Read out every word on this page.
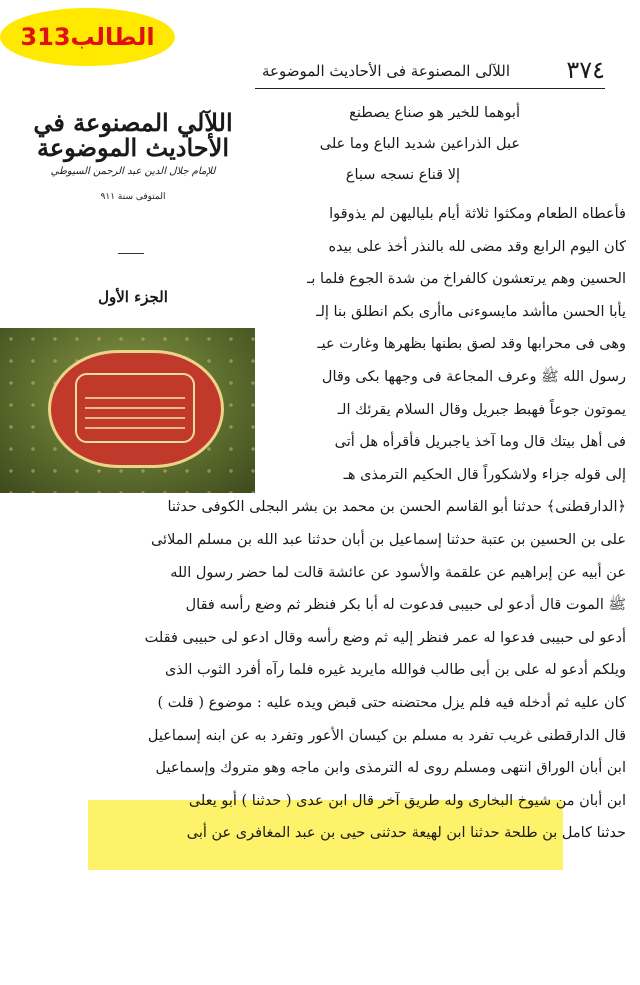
الطالب313
٣٧٤
اللآلى المصنوعة فى الأحاديث الموضوعة
اللآلي المصنوعة في الأحاديث الموضوعة
للإمام جلال الدين عبد الرحمن السيوطي
المتوفى سنة ٩١١
الجزء الأول
أبوهما للخير هو صناع يصطنع
عبل الذراعين شديد الباع وما على
إلا قناع نسجه سباع
فأعطاه الطعام ومكثوا ثلاثة أيام بلياليهن لم يذوقوا
كان اليوم الرابع وقد مضى لله بالنذر أخذ على بيده
الحسين وهم يرتعشون كالفراخ من شدة الجوع فلما بـ
يأبا الحسن ماأشد مايسوءنى ماأرى بكم انطلق بنا إلـ
وهى فى محرابها وقد لصق بطنها بظهرها وغارت عيـ
رسول الله ﷺ وعرف المجاعة فى وجهها بكى وقال
يموتون جوعاً فهبط جبريل وقال السلام يقرئك الـ
فى أهل بيتك قال وما آخذ ياجبريل فأقرأه هل أتى
إلى قوله جزاء ولاشكوراً قال الحكيم الترمذى هـ
﴿الدارقطنى﴾ حدثنا أبو القاسم الحسن بن محمد بن بشر البجلى الكوفى حدثنا
على بن الحسين بن عتبة حدثنا إسماعيل بن أبان حدثنا عبد الله بن مسلم الملائى
عن أبيه عن إبراهيم عن علقمة والأسود عن عائشة قالت لما حضر رسول الله
ﷺ الموت قال أدعو لى حبيبى فدعوت له أبا بكر فنظر ثم وضع رأسه فقال
أدعو لى حبيبى فدعوا له عمر فنظر إليه ثم وضع رأسه وقال ادعو لى حبيبى فقلت
ويلكم أدعو له على بن أبى طالب فوالله مايريد غيره فلما رآه أفرد الثوب الذى
كان عليه ثم أدخله فيه فلم يزل محتضنه حتى قبض ويده عليه : موضوع ( قلت )
قال الدارقطنى غريب تفرد به مسلم بن كيسان الأعور وتفرد به عن ابنه إسماعيل
ابن أبان الوراق انتهى ومسلم روى له الترمذى وابن ماجه وهو متروك وإسماعيل
ابن أبان من شيوخ البخارى وله طريق آخر قال ابن عدى ( حدثنا ) أبو يعلى
حدثنا كامل بن طلحة حدثنا ابن لهيعة حدثنى حيى بن عبد المغافرى عن أبى
